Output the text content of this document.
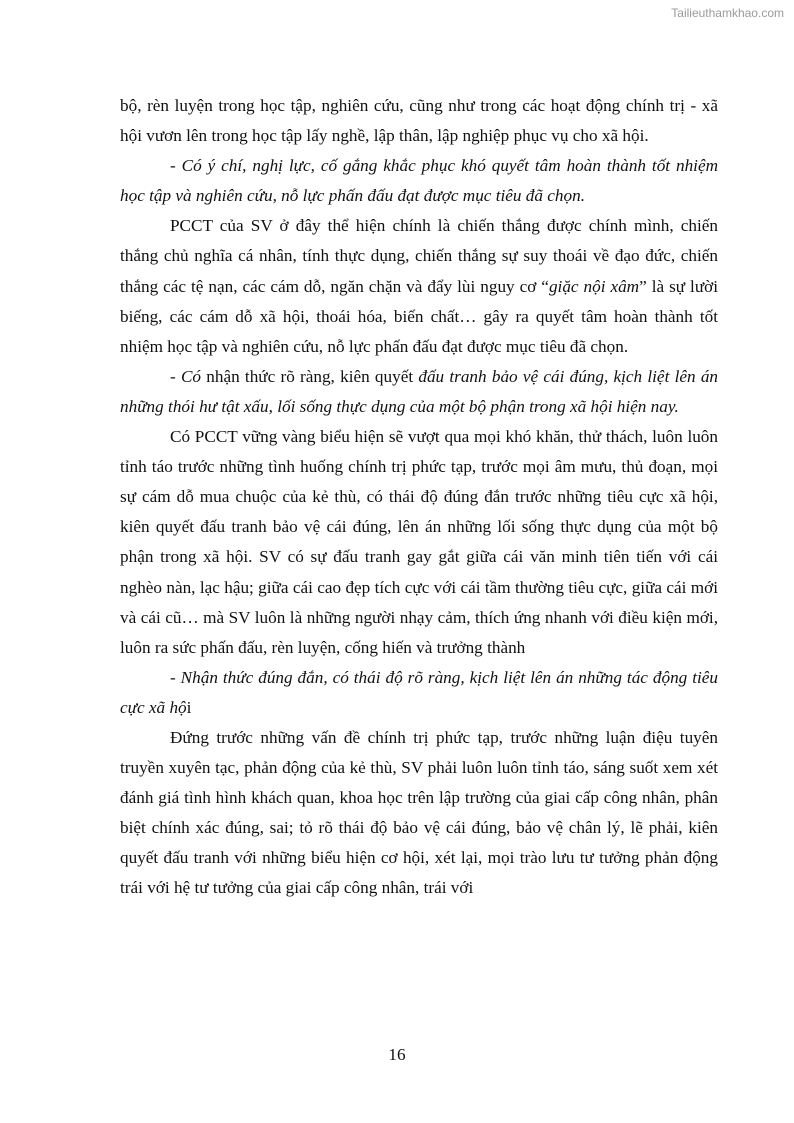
Tailieuthamkhao.com

bộ, rèn luyện trong học tập, nghiên cứu, cũng như trong các hoạt động chính trị - xã hội vươn lên trong học tập lấy nghề, lập thân, lập nghiệp phục vụ cho xã hội.

- Có ý chí, nghị lực, cố gắng khắc phục khó quyết tâm hoàn thành tốt nhiệm học tập và nghiên cứu, nỗ lực phấn đấu đạt được mục tiêu đã chọn.

PCCT của SV ở đây thể hiện chính là chiến thắng được chính mình, chiến thắng chủ nghĩa cá nhân, tính thực dụng, chiến thắng sự suy thoái về đạo đức, chiến thắng các tệ nạn, các cám dỗ, ngăn chặn và đẩy lùi nguy cơ “giặc nội xâm” là sự lười biếng, các cám dỗ xã hội, thoái hóa, biến chất… gây ra quyết tâm hoàn thành tốt nhiệm học tập và nghiên cứu, nỗ lực phấn đấu đạt được mục tiêu đã chọn.

- Có nhận thức rõ ràng, kiên quyết đấu tranh bảo vệ cái đúng, kịch liệt lên án những thói hư tật xấu, lối sống thực dụng của một bộ phận trong xã hội hiện nay.

Có PCCT vững vàng biểu hiện sẽ vượt qua mọi khó khăn, thử thách, luôn luôn tỉnh táo trước những tình huống chính trị phức tạp, trước mọi âm mưu, thủ đoạn, mọi sự cám dỗ mua chuộc của kẻ thù, có thái độ đúng đắn trước những tiêu cực xã hội, kiên quyết đấu tranh bảo vệ cái đúng, lên án những lối sống thực dụng của một bộ phận trong xã hội. SV có sự đấu tranh gay gắt giữa cái văn minh tiên tiến với cái nghèo nàn, lạc hậu; giữa cái cao đẹp tích cực với cái tầm thường tiêu cực, giữa cái mới và cái cũ… mà SV luôn là những người nhạy cảm, thích ứng nhanh với điều kiện mới, luôn ra sức phấn đấu, rèn luyện, cống hiến và trưởng thành

- Nhận thức đúng đắn, có thái độ rõ ràng, kịch liệt lên án những tác động tiêu cực xã hội

Đứng trước những vấn đề chính trị phức tạp, trước những luận điệu tuyên truyền xuyên tạc, phản động của kẻ thù, SV phải luôn luôn tỉnh táo, sáng suốt xem xét đánh giá tình hình khách quan, khoa học trên lập trường của giai cấp công nhân, phân biệt chính xác đúng, sai; tỏ rõ thái độ bảo vệ cái đúng, bảo vệ chân lý, lẽ phải, kiên quyết đấu tranh với những biểu hiện cơ hội, xét lại, mọi trào lưu tư tưởng phản động trái với hệ tư tưởng của giai cấp công nhân, trái với

16
